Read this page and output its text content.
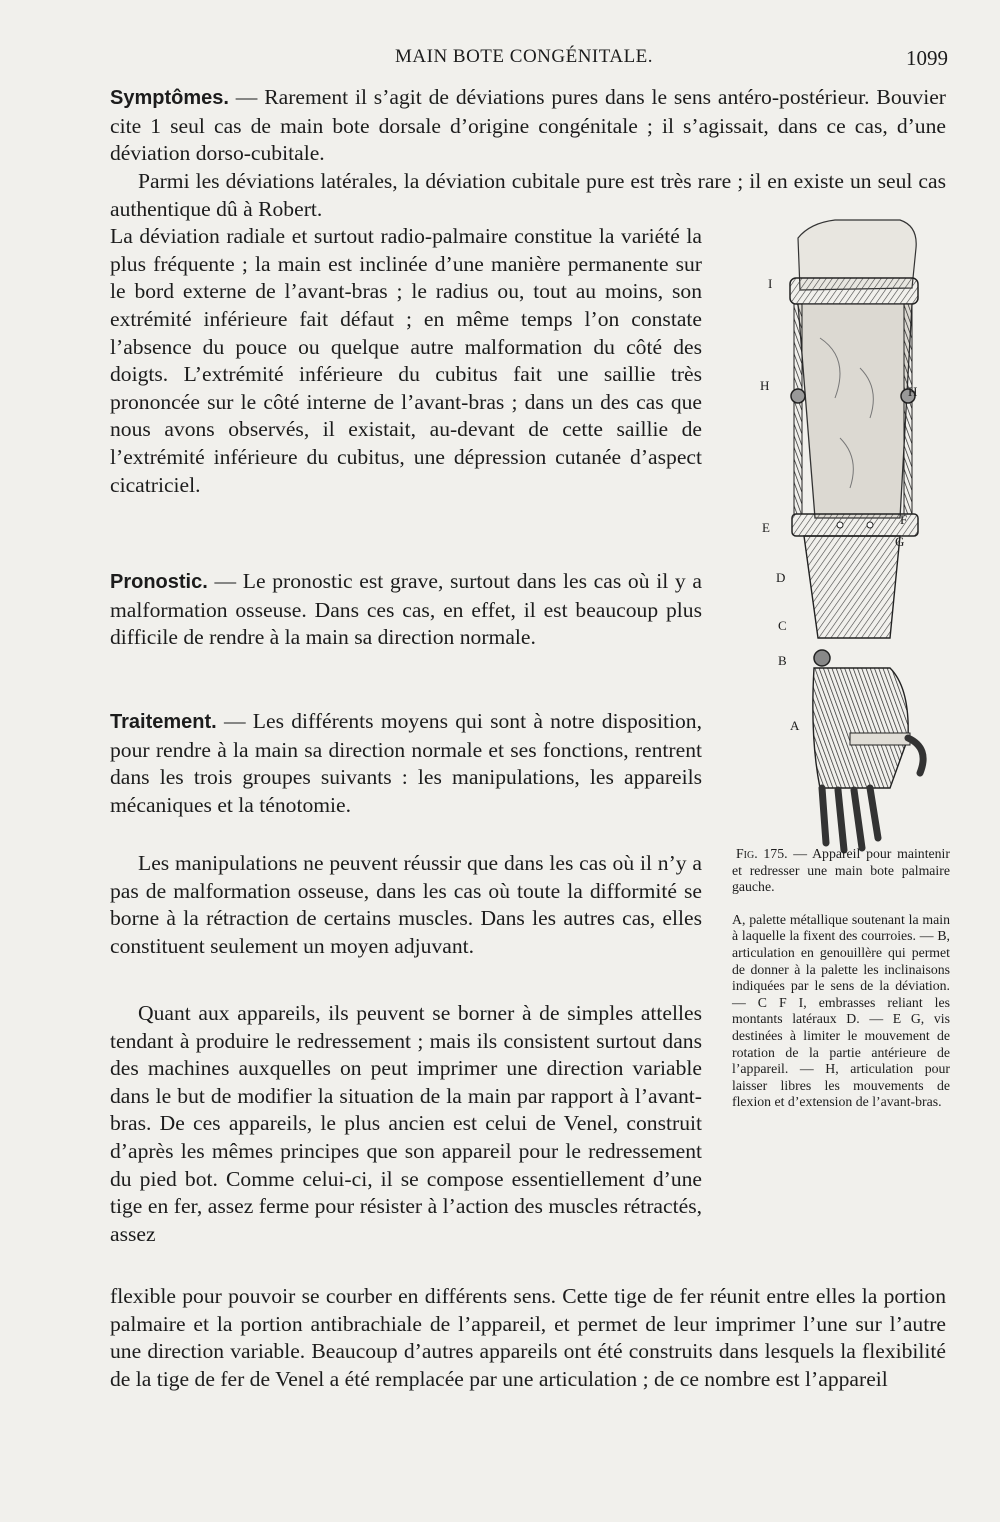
MAIN BOTE CONGÉNITALE.	1099

Symptômes. — Rarement il s’agit de déviations pures dans le sens antéro-postérieur. Bouvier cite 1 seul cas de main bote dorsale d’origine congénitale ; il s’agissait, dans ce cas, d’une déviation dorso-cubitale.

Parmi les déviations latérales, la déviation cubitale pure est très rare ; il en existe un seul cas authentique dû à Robert.
La déviation radiale et surtout radio-palmaire constitue la variété la plus fréquente ; la main est inclinée d’une manière permanente sur le bord externe de l’avant-bras ; le radius ou, tout au moins, son extrémité inférieure fait défaut ; en même temps l’on constate l’absence du pouce ou quelque autre malformation du côté des doigts. L’extrémité inférieure du cubitus fait une saillie très prononcée sur le côté interne de l’avant-bras ; dans un des cas que nous avons observés, il existait, au-devant de cette saillie de l’extrémité inférieure du cubitus, une dépression cutanée d’aspect cicatriciel.

Pronostic. — Le pronostic est grave, surtout dans les cas où il y a malformation osseuse. Dans ces cas, en effet, il est beaucoup plus difficile de rendre à la main sa direction normale.

Traitement. — Les différents moyens qui sont à notre disposition, pour rendre à la main sa direction normale et ses fonctions, rentrent dans les trois groupes suivants : les manipulations, les appareils mécaniques et la ténotomie.

Les manipulations ne peuvent réussir que dans les cas où il n’y a pas de malformation osseuse, dans les cas où toute la difformité se borne à la rétraction de certains muscles. Dans les autres cas, elles constituent seulement un moyen adjuvant.

Quant aux appareils, ils peuvent se borner à de simples attelles tendant à produire le redressement ; mais ils consistent surtout dans des machines auxquelles on peut imprimer une direction variable dans le but de modifier la situation de la main par rapport à l’avant-bras. De ces appareils, le plus ancien est celui de Venel, construit d’après les mêmes principes que son appareil pour le redressement du pied bot. Comme celui-ci, il se compose essentiellement d’une tige en fer, assez ferme pour résister à l’action des muscles rétractés, assez

flexible pour pouvoir se courber en différents sens. Cette tige de fer réunit entre elles la portion palmaire et la portion antibrachiale de l’appareil, et permet de leur imprimer l’une sur l’autre une direction variable. Beaucoup d’autres appareils ont été construits dans lesquels la flexibilité de la tige de fer de Venel a été remplacée par une articulation ; de ce nombre est l’appareil

I
H	H
E
F
G
D
C
B
A

Fig. 175. — Appareil pour maintenir et redresser une main bote palmaire gauche.

A, palette métallique soutenant la main à laquelle la fixent des courroies. — B, articulation en genouillère qui permet de donner à la palette les inclinaisons indiquées par le sens de la déviation. — C F I, embrasses reliant les montants latéraux D. — E G, vis destinées à limiter le mouvement de rotation de la partie antérieure de l’appareil. — H, articulation pour laisser libres les mouvements de flexion et d’extension de l’avant-bras.
